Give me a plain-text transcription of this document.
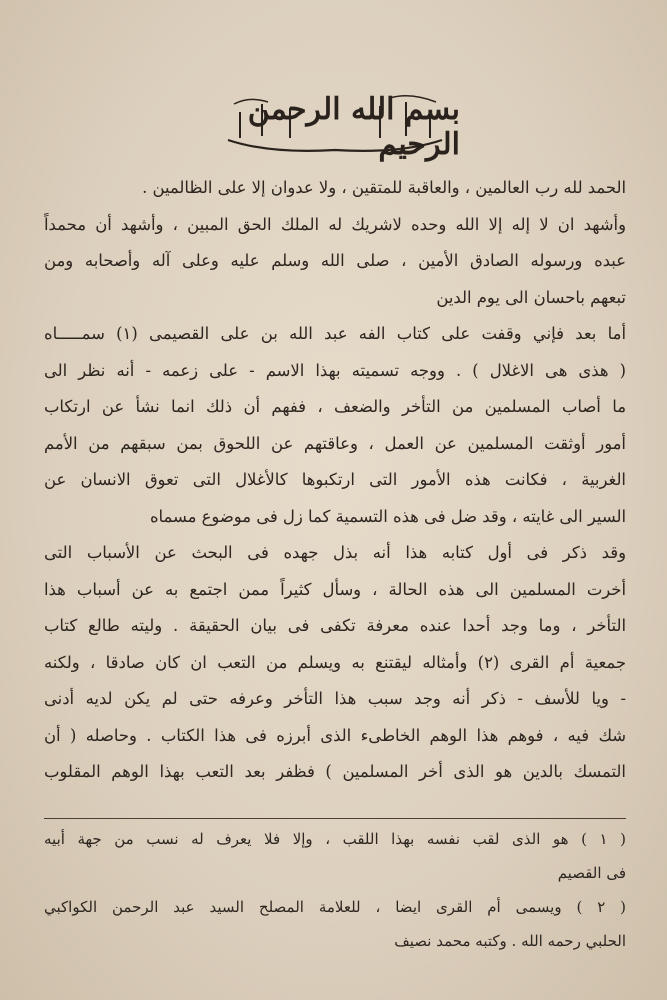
بسم الله الرحمن الرحيم
الحمد لله رب العالمين ، والعاقبة للمتقين ، ولا عدوان إلا على الظالمين .
وأشهد ان لا إله إلا الله وحده لاشريك له الملك الحق المبين ، وأشهد أن محمداً
عبده ورسوله الصادق الأمين ، صلى الله وسلم عليه وعلى آله وأصحابه ومن
تبعهم باحسان الى يوم الدين
أما بعد فإني وقفت على كتاب الفه عبد الله بن على القصيمى (١) سمـــــاه
( هذى هى الاغلال ) . ووجه تسميته بهذا الاسم - على زعمه - أنه نظر الى
ما أصاب المسلمين من التأخر والضعف ، ففهم أن ذلك انما نشأ عن ارتكاب
أمور أوثقت المسلمين عن العمل ، وعاقتهم عن اللحوق بمن سبقهم من الأمم
الغربية ، فكانت هذه الأمور التى ارتكبوها كالأغلال التى تعوق الانسان عن
السير الى غايته ، وقد ضل فى هذه التسمية كما زل فى موضوع مسماه
وقد ذكر فى أول كتابه هذا أنه بذل جهده فى البحث عن الأسباب التى
أخرت المسلمين الى هذه الحالة ، وسأل كثيراً ممن اجتمع به عن أسباب هذا
التأخر ، وما وجد أحدا عنده معرفة تكفى فى بيان الحقيقة . وليته طالع كتاب
جمعية أم القرى (٢) وأمثاله ليقتنع به ويسلم من التعب ان كان صادقا ، ولكنه
- ويا للأسف - ذكر أنه وجد سبب هذا التأخر وعرفه حتى لم يكن لديه أدنى
شك فيه ، فوهم هذا الوهم الخاطىء الذى أبرزه فى هذا الكتاب . وحاصله ( أن
التمسك بالدين هو الذى أخر المسلمين ) فظفر بعد التعب بهذا الوهم المقلوب
( ١ ) هو الذى لقب نفسه بهذا اللقب ، وإلا فلا يعرف له نسب من جهة أبيه
فى القصيم
( ٢ ) ويسمى أم القرى ايضا ، للعلامة المصلح السيد عبد الرحمن الكواكبي
الحلبي رحمه الله . وكتبه محمد نصيف
